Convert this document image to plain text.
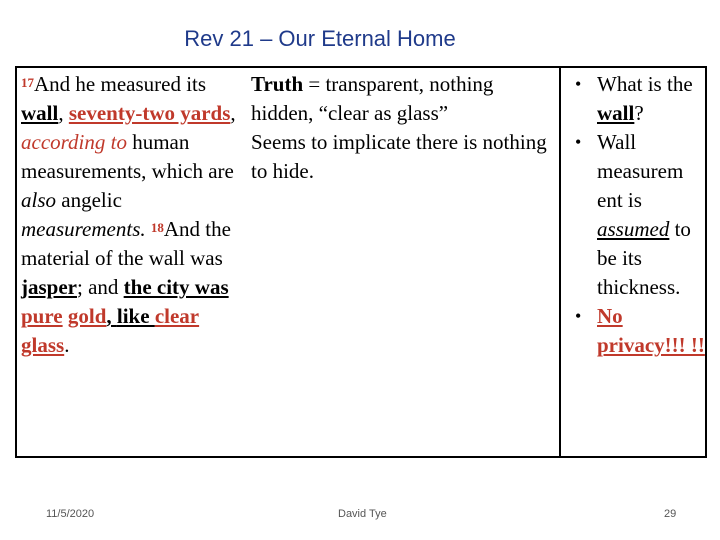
Rev 21 – Our Eternal Home
$^{17}$And he measured its wall, seventy-two yards, according to human measurements, which are also angelic measurements. $^{18}$And the material of the wall was jasper; and the city was pure gold, like clear glass.
Truth = transparent, nothing hidden, “clear as glass”
Seems to implicate there is nothing to hide.
• What is the wall?
• Wall measurem ent is assumed to be its thickness.
• No privacy!!! !!
11/5/2020	David Tye	29
